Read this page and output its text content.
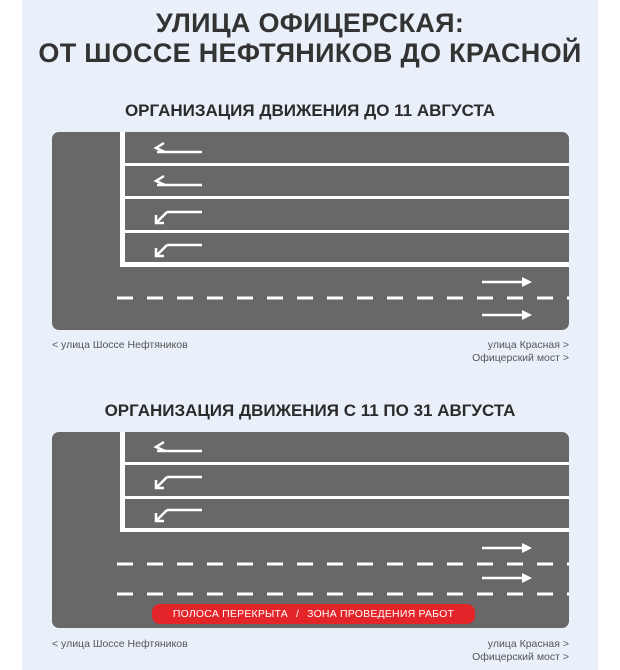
УЛИЦА ОФИЦЕРСКАЯ:
ОТ ШОССЕ НЕФТЯНИКОВ ДО КРАСНОЙ
ОРГАНИЗАЦИЯ ДВИЖЕНИЯ ДО 11 АВГУСТА
< улица Шоссе Нефтяников	улица Красная >
Офицерский мост >
ОРГАНИЗАЦИЯ ДВИЖЕНИЯ С 11 ПО 31 АВГУСТА
ПОЛОСА ПЕРЕКРЫТА / ЗОНА ПРОВЕДЕНИЯ РАБОТ
< улица Шоссе Нефтяников	улица Красная >
Офицерский мост >
